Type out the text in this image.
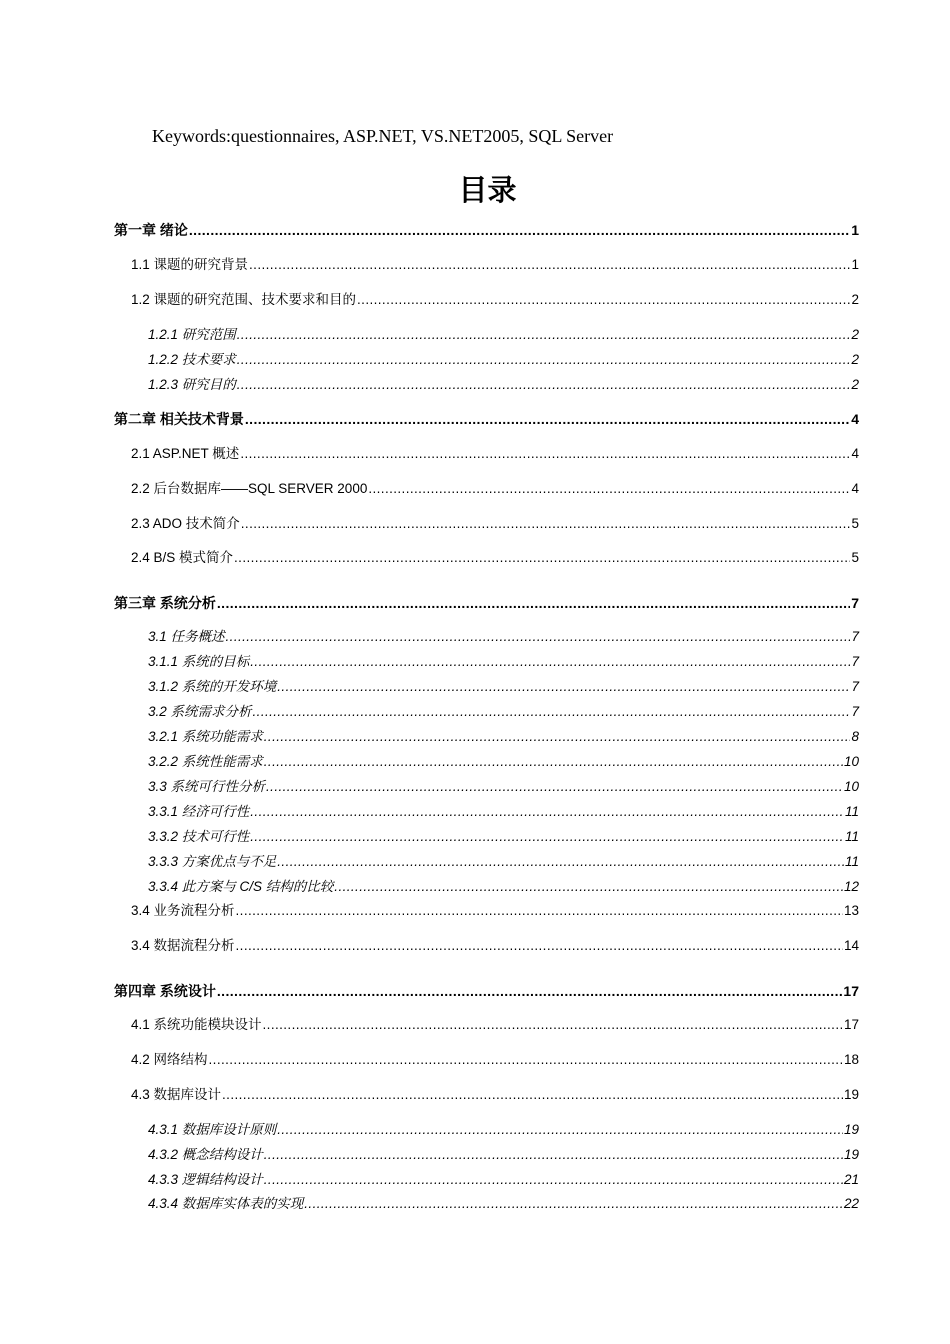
Keywords:questionnaires, ASP.NET, VS.NET2005, SQL Server
目录
第一章 绪论 .....	1
1.1 课题的研究背景 .....	1
1.2 课题的研究范围、技术要求和目的 .....	2
1.2.1 研究范围 .....	2
1.2.2 技术要求 .....	2
1.2.3 研究目的 .....	2
第二章 相关技术背景 .....	4
2.1 ASP.NET 概述 .....	4
2.2 后台数据库——SQL SERVER 2000 .....	4
2.3 ADO 技术简介 .....	5
2.4 B/S 模式简介 .....	5
第三章 系统分析 .....	7
3.1 任务概述 .....	7
3.1.1 系统的目标 .....	7
3.1.2 系统的开发环境 .....	7
3.2 系统需求分析 .....	7
3.2.1 系统功能需求 .....	8
3.2.2 系统性能需求 .....	10
3.3 系统可行性分析 .....	10
3.3.1 经济可行性 .....	11
3.3.2 技术可行性 .....	11
3.3.3 方案优点与不足 .....	11
3.3.4 此方案与 C/S 结构的比较 .....	12
3.4 业务流程分析 .....	13
3.4 数据流程分析 .....	14
第四章 系统设计 .....	17
4.1 系统功能模块设计 .....	17
4.2 网络结构 .....	18
4.3 数据库设计 .....	19
4.3.1 数据库设计原则 .....	19
4.3.2 概念结构设计 .....	19
4.3.3 逻辑结构设计 .....	21
4.3.4 数据库实体表的实现 .....	22
